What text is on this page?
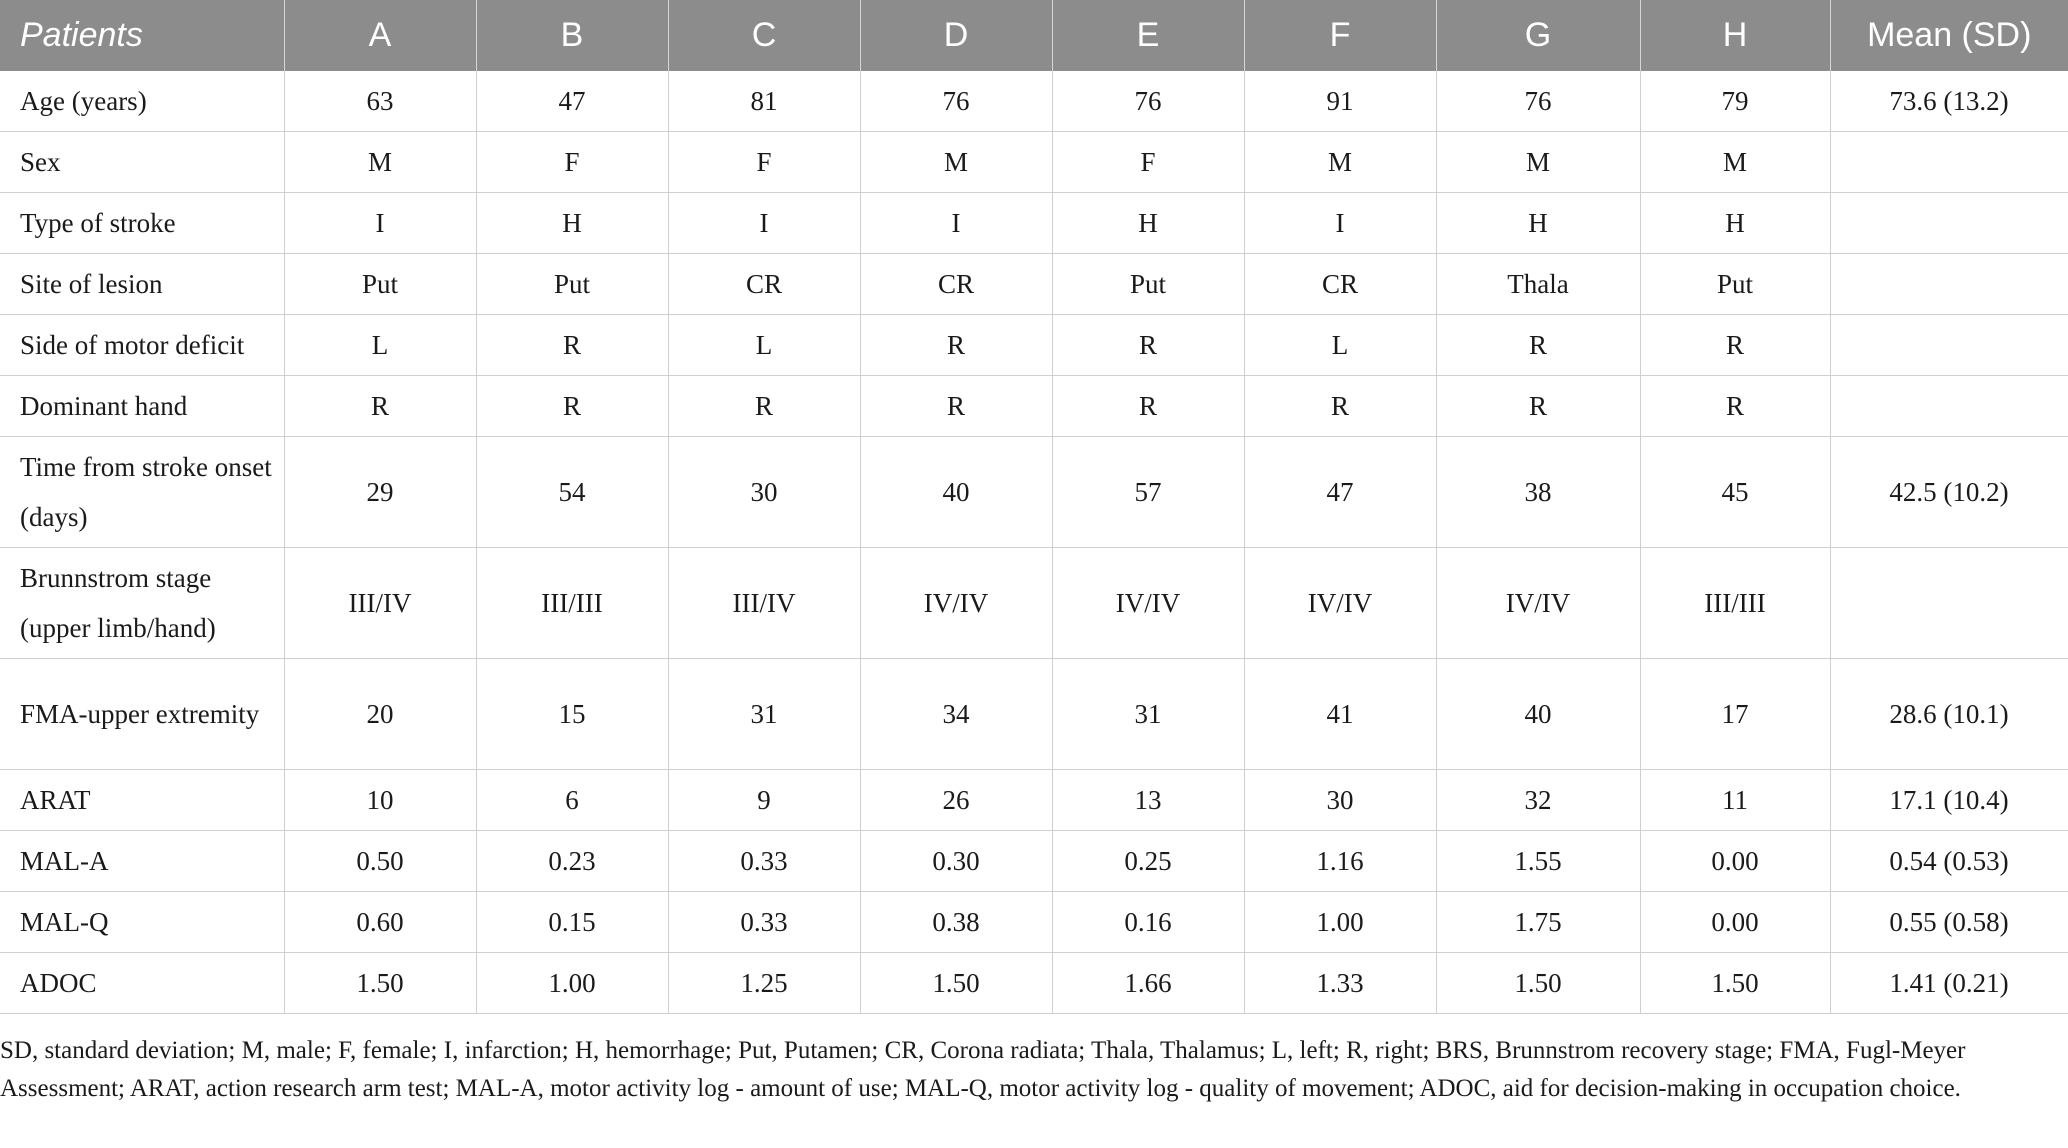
Patients	A	B	C	D	E	F	G	H	Mean (SD)
Age (years)	63	47	81	76	76	91	76	79	73.6 (13.2)
Sex	M	F	F	M	F	M	M	M	
Type of stroke	I	H	I	I	H	I	H	H	
Site of lesion	Put	Put	CR	CR	Put	CR	Thala	Put	
Side of motor deficit	L	R	L	R	R	L	R	R	
Dominant hand	R	R	R	R	R	R	R	R	
Time from stroke onset (days)	29	54	30	40	57	47	38	45	42.5 (10.2)
Brunnstrom stage (upper limb/hand)	III/IV	III/III	III/IV	IV/IV	IV/IV	IV/IV	IV/IV	III/III	
FMA-upper extremity	20	15	31	34	31	41	40	17	28.6 (10.1)
ARAT	10	6	9	26	13	30	32	11	17.1 (10.4)
MAL-A	0.50	0.23	0.33	0.30	0.25	1.16	1.55	0.00	0.54 (0.53)
MAL-Q	0.60	0.15	0.33	0.38	0.16	1.00	1.75	0.00	0.55 (0.58)
ADOC	1.50	1.00	1.25	1.50	1.66	1.33	1.50	1.50	1.41 (0.21)
SD, standard deviation; M, male; F, female; I, infarction; H, hemorrhage; Put, Putamen; CR, Corona radiata; Thala, Thalamus; L, left; R, right; BRS, Brunnstrom recovery stage; FMA, Fugl-Meyer Assessment; ARAT, action research arm test; MAL-A, motor activity log - amount of use; MAL-Q, motor activity log - quality of movement; ADOC, aid for decision-making in occupation choice.
